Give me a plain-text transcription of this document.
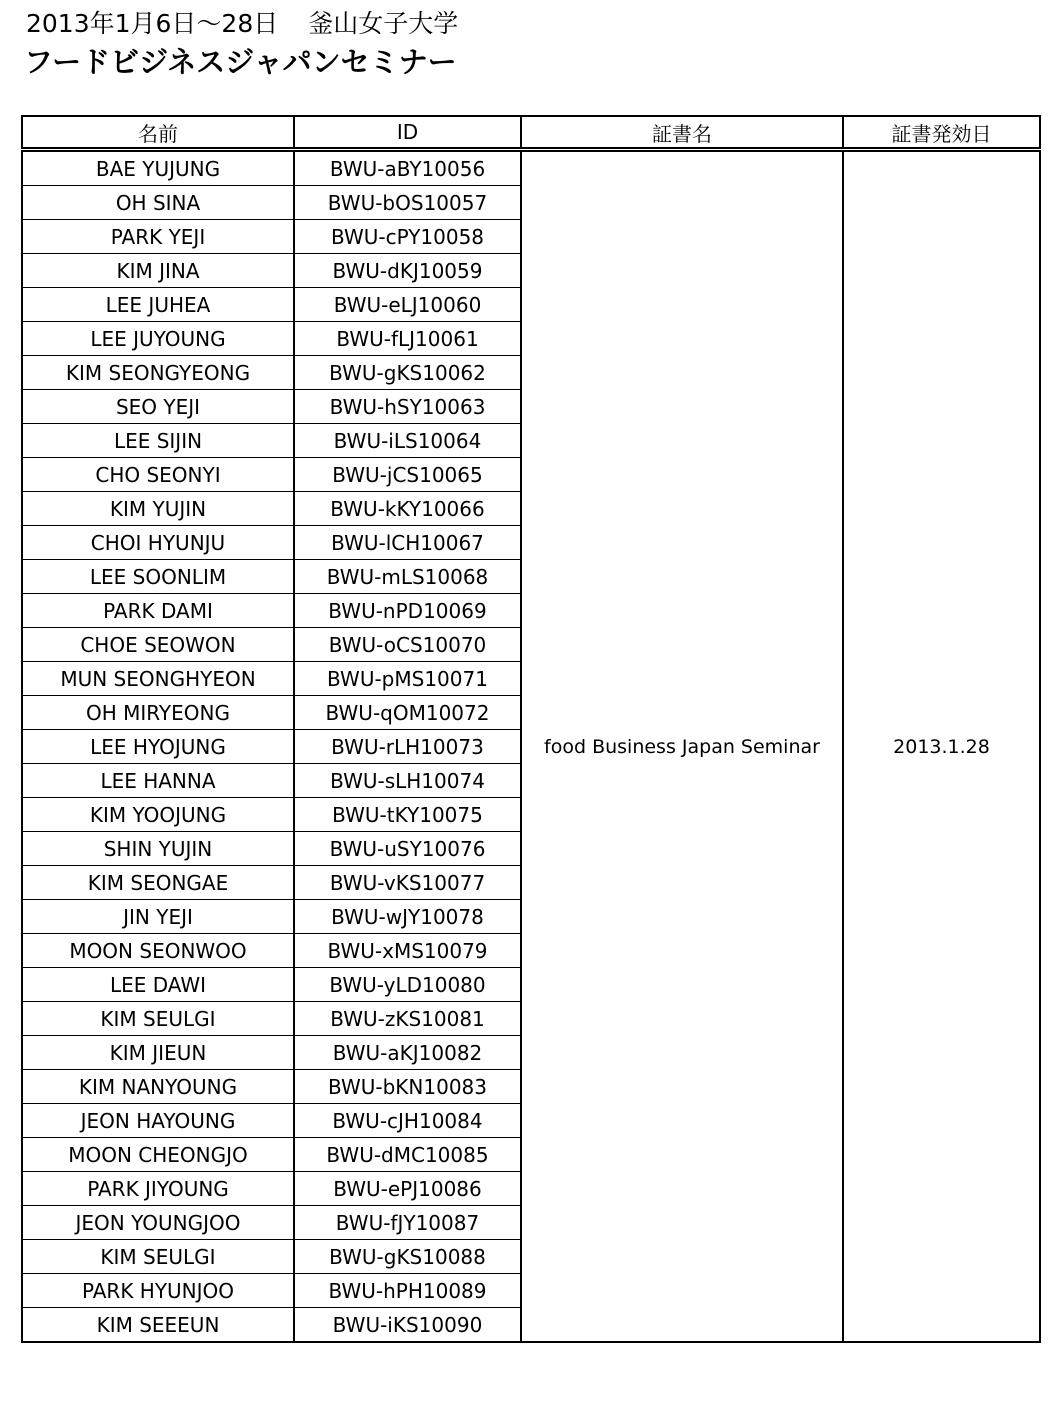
2013年1月6日～28日 釜山女子大学
フードビジネスジャパンセミナー
名前	ID	証書名	証書発効日
BAE YUJUNG	BWU-aBY10056	food Business Japan Seminar	2013.1.28
OH SINA	BWU-bOS10057		
PARK YEJI	BWU-cPY10058		
KIM JINA	BWU-dKJ10059		
LEE JUHEA	BWU-eLJ10060		
LEE JUYOUNG	BWU-fLJ10061		
KIM SEONGYEONG	BWU-gKS10062		
SEO YEJI	BWU-hSY10063		
LEE SIJIN	BWU-iLS10064		
CHO SEONYI	BWU-jCS10065		
KIM YUJIN	BWU-kKY10066		
CHOI HYUNJU	BWU-lCH10067		
LEE SOONLIM	BWU-mLS10068		
PARK DAMI	BWU-nPD10069		
CHOE SEOWON	BWU-oCS10070		
MUN SEONGHYEON	BWU-pMS10071		
OH MIRYEONG	BWU-qOM10072		
LEE HYOJUNG	BWU-rLH10073		
LEE HANNA	BWU-sLH10074		
KIM YOOJUNG	BWU-tKY10075		
SHIN YUJIN	BWU-uSY10076		
KIM SEONGAE	BWU-vKS10077		
JIN YEJI	BWU-wJY10078		
MOON SEONWOO	BWU-xMS10079		
LEE DAWI	BWU-yLD10080		
KIM SEULGI	BWU-zKS10081		
KIM JIEUN	BWU-aKJ10082		
KIM NANYOUNG	BWU-bKN10083		
JEON HAYOUNG	BWU-cJH10084		
MOON CHEONGJO	BWU-dMC10085		
PARK JIYOUNG	BWU-ePJ10086		
JEON YOUNGJOO	BWU-fJY10087		
KIM SEULGI	BWU-gKS10088		
PARK HYUNJOO	BWU-hPH10089		
KIM SEEEUN	BWU-iKS10090		
